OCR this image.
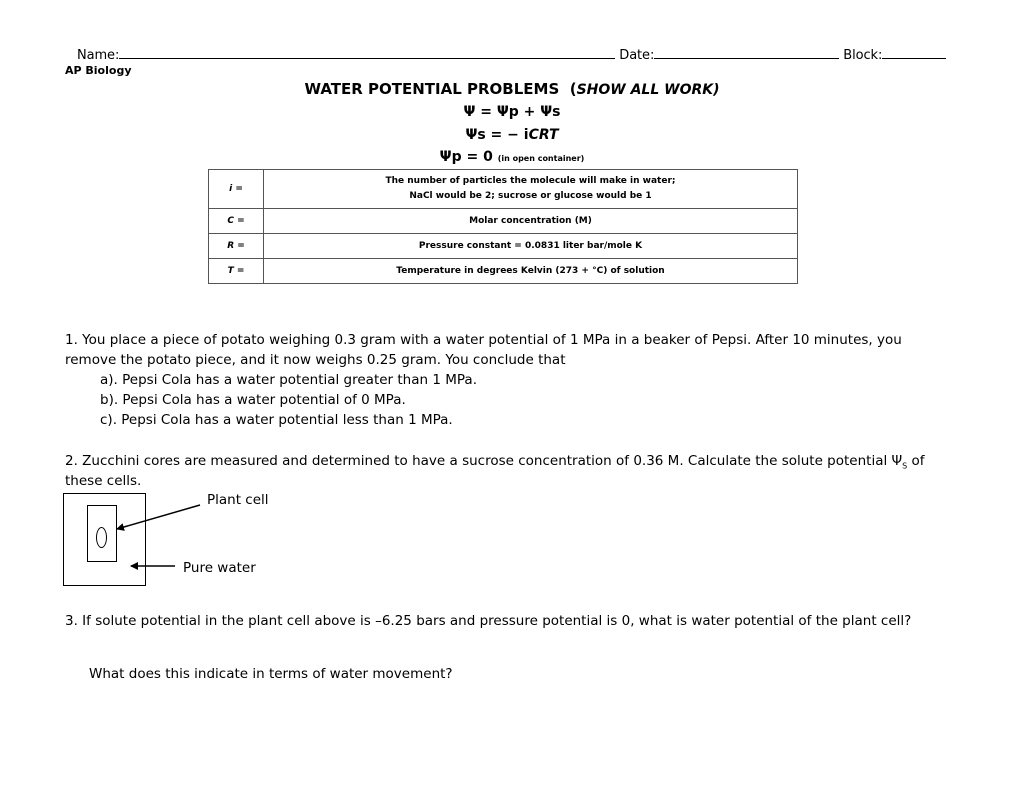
Name:	Date:	Block:
AP Biology
WATER POTENTIAL PROBLEMS (SHOW ALL WORK)
Ψ = Ψp + Ψs
Ψs = − iCRT
Ψp = 0 (in open container)
i =	The number of particles the molecule will make in water;
NaCl would be 2; sucrose or glucose would be 1

C =	Molar concentration (M)
R =	Pressure constant = 0.0831 liter bar/mole K
T =	Temperature in degrees Kelvin (273 + °C) of solution
1. You place a piece of potato weighing 0.3 gram with a water potential of 1 MPa in a beaker of Pepsi. After 10 minutes, you
remove the potato piece, and it now weighs 0.25 gram. You conclude that
a). Pepsi Cola has a water potential greater than 1 MPa.
b). Pepsi Cola has a water potential of 0 MPa.
c). Pepsi Cola has a water potential less than 1 MPa.
2. Zucchini cores are measured and determined to have a sucrose concentration of 0.36 M. Calculate the solute potential $\Psi_S$ of
these cells.
Plant cell
Pure water
3. If solute potential in the plant cell above is –6.25 bars and pressure potential is 0, what is water potential of the plant cell?
What does this indicate in terms of water movement?
